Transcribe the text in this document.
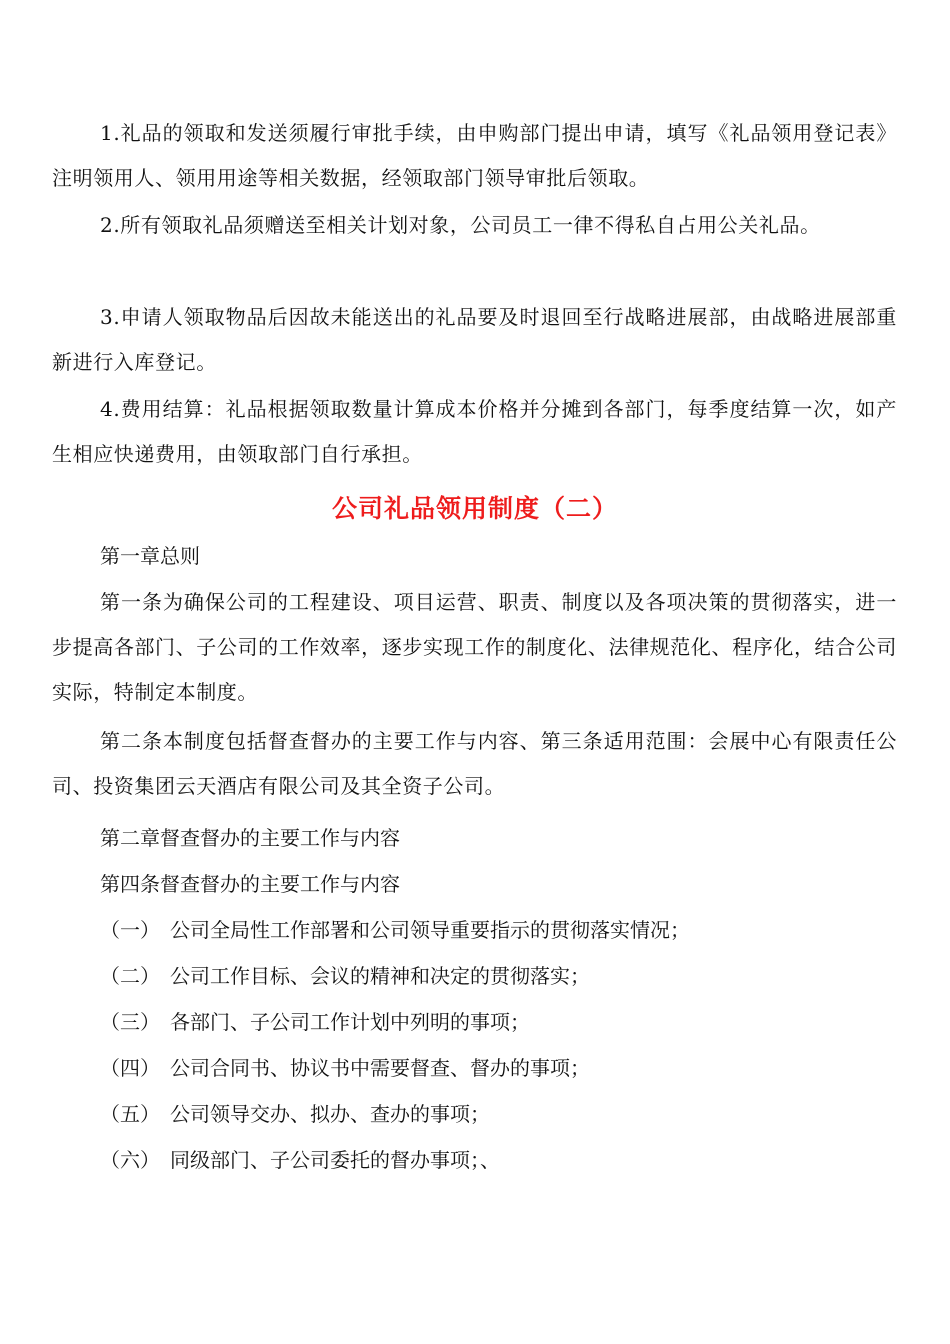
1.礼品的领取和发送须履行审批手续，由申购部门提出申请，填写《礼品领用登记表》注明领用人、领用用途等相关数据，经领取部门领导审批后领取。

2.所有领取礼品须赠送至相关计划对象，公司员工一律不得私自占用公关礼品。

3.申请人领取物品后因故未能送出的礼品要及时退回至行战略进展部，由战略进展部重新进行入库登记。

4.费用结算：礼品根据领取数量计算成本价格并分摊到各部门，每季度结算一次，如产生相应快递费用，由领取部门自行承担。

公司礼品领用制度（二）

第一章总则

第一条为确保公司的工程建设、项目运营、职责、制度以及各项决策的贯彻落实，进一步提高各部门、子公司的工作效率，逐步实现工作的制度化、法律规范化、程序化，结合公司实际，特制定本制度。

第二条本制度包括督查督办的主要工作与内容、第三条适用范围：会展中心有限责任公司、投资集团云天酒店有限公司及其全资子公司。

第二章督查督办的主要工作与内容

第四条督查督办的主要工作与内容

（一） 公司全局性工作部署和公司领导重要指示的贯彻落实情况；

（二） 公司工作目标、会议的精神和决定的贯彻落实；

（三） 各部门、子公司工作计划中列明的事项；

（四） 公司合同书、协议书中需要督查、督办的事项；

（五） 公司领导交办、拟办、查办的事项；

（六） 同级部门、子公司委托的督办事项；、
